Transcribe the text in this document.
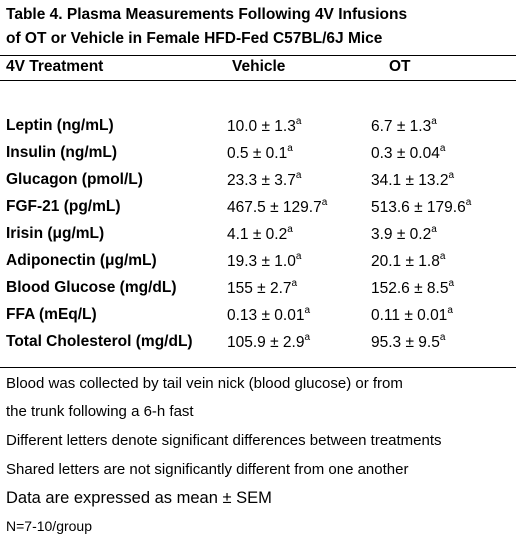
Table 4. Plasma Measurements Following 4V Infusions
of OT or Vehicle in Female HFD-Fed C57BL/6J Mice
4V Treatment	Vehicle	OT
Leptin (ng/mL)	10.0 ± 1.3$^a$	6.7 ± 1.3$^a$
Insulin (ng/mL)	0.5 ± 0.1$^a$	0.3 ± 0.04$^a$
Glucagon (pmol/L)	23.3 ± 3.7$^a$	34.1 ± 13.2$^a$
FGF-21 (pg/mL)	467.5 ± 129.7$^a$	513.6 ± 179.6$^a$
Irisin (μg/mL)	4.1 ± 0.2$^a$	3.9 ± 0.2$^a$
Adiponectin (μg/mL)	19.3 ± 1.0$^a$	20.1 ± 1.8$^a$
Blood Glucose (mg/dL)	155 ± 2.7$^a$	152.6 ± 8.5$^a$
FFA (mEq/L)	0.13 ± 0.01$^a$	0.11 ± 0.01$^a$
Total Cholesterol (mg/dL) 105.9 ± 2.9$^a$	95.3 ± 9.5$^a$
Blood was collected by tail vein nick (blood glucose) or from
the trunk following a 6-h fast
Different letters denote significant differences between treatments
Shared letters are not significantly different from one another
Data are expressed as mean ± SEM
N=7-10/group
